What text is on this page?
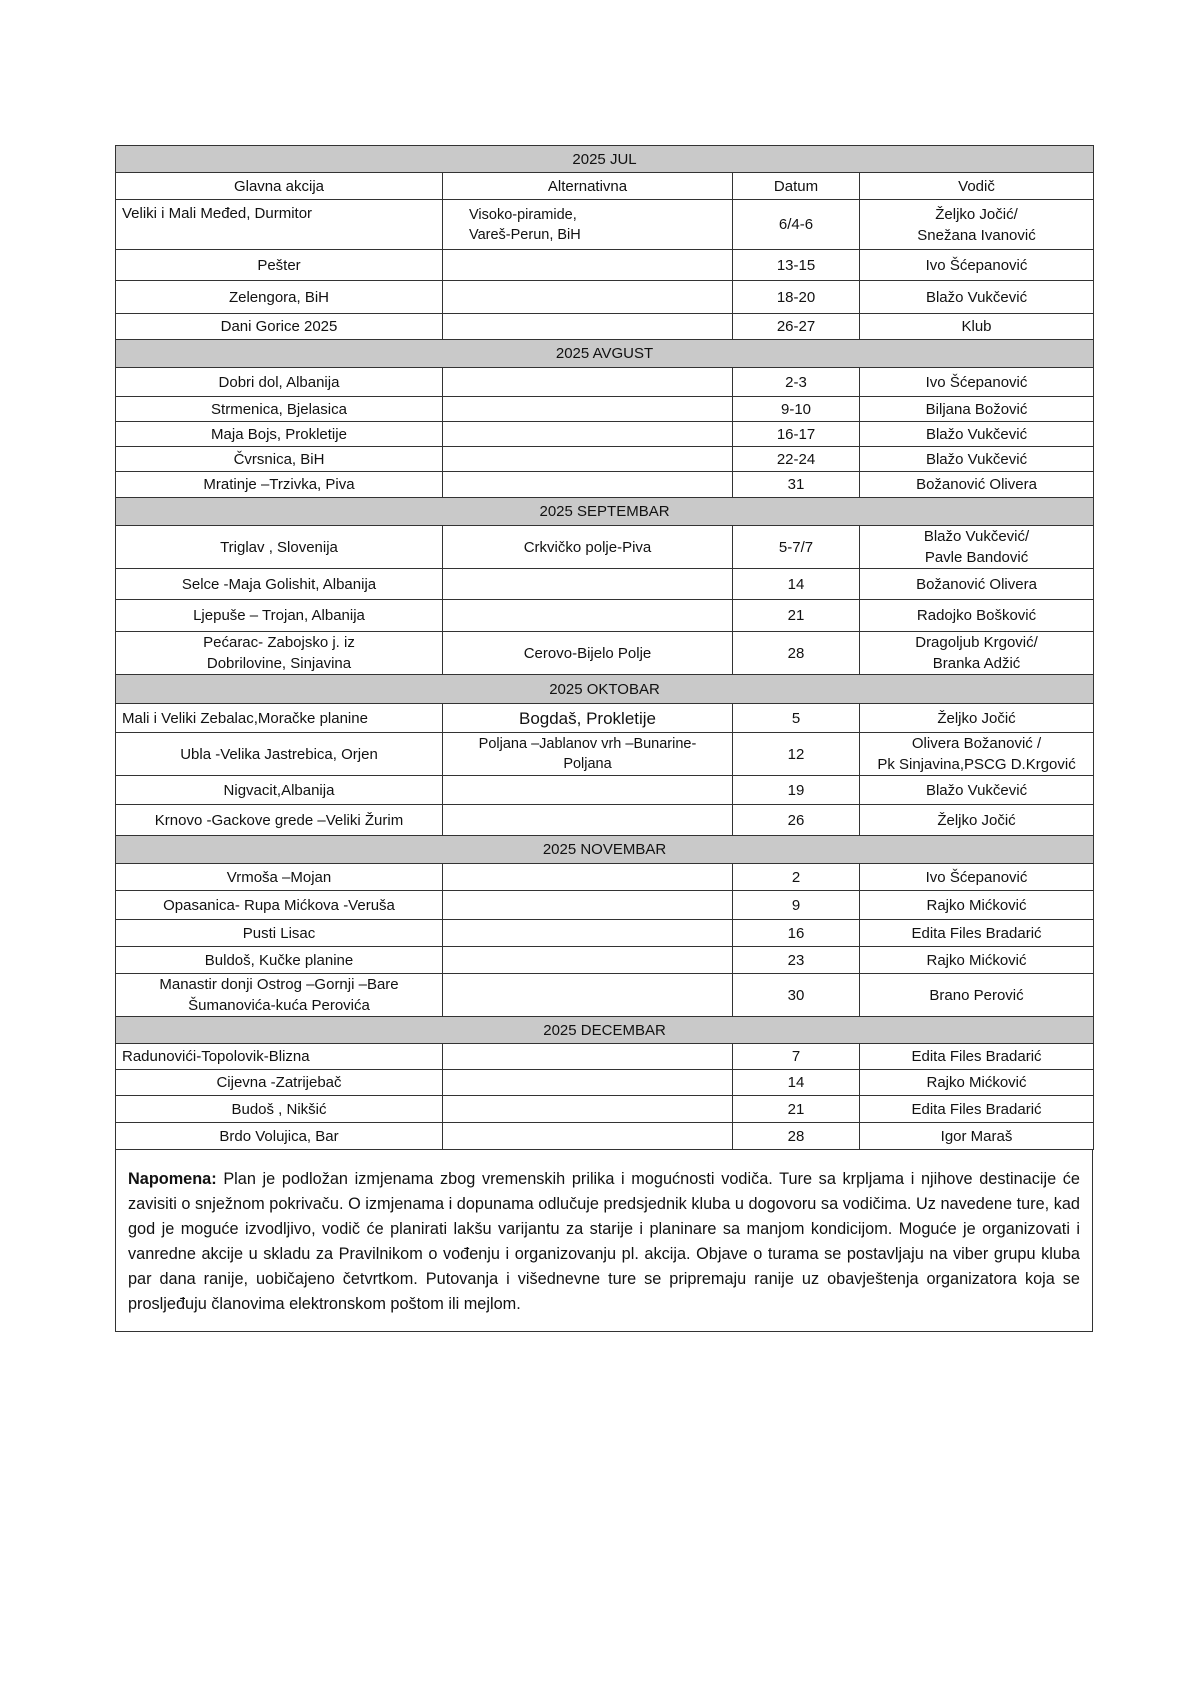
2025 JUL			
Glavna akcija	Alternativna	Datum	Vodič

Veliki i Mali Međed, Durmitor	Visoko-piramide,
Vareš-Perun, BiH	6/4-6	Željko Jočić/
Snežana Ivanović

Pešter		13-15	Ivo Šćepanović

Zelengora, BiH		18-20	Blažo Vukčević

Dani Gorice 2025		26-27	Klub

2025 AVGUST			

Dobri dol, Albanija		2-3	Ivo Šćepanović

Strmenica, Bjelasica		9-10	Biljana Božović

Maja Bojs, Prokletije		16-17	Blažo Vukčević

Čvrsnica, BiH		22-24	Blažo Vukčević

Mratinje –Trzivka, Piva		31	Božanović Olivera

2025 SEPTEMBAR			

Triglav , Slovenija	Crkvičko polje-Piva	5-7/7	Blažo Vukčević/
Pavle Bandović

Selce -Maja Golishit, Albanija		14	Božanović Olivera

Ljepuše – Trojan, Albanija		21	Radojko Bošković

Pećarac- Zabojsko j. iz
Dobrilovine, Sinjavina	Cerovo-Bijelo Polje	28	Dragoljub Krgović/
Branka Adžić

2025 OKTOBAR			

Mali i Veliki Zebalac,Moračke planine	Bogdaš, Prokletije	5	Željko Jočić

Ubla -Velika Jastrebica, Orjen	Poljana –Jablanov vrh –Bunarine-
Poljana	12	Olivera Božanović /
Pk Sinjavina,PSCG D.Krgović

Nigvacit,Albanija		19	Blažo Vukčević

Krnovo -Gackove grede –Veliki Žurim		26	Željko Jočić

2025 NOVEMBAR			

Vrmoša –Mojan		2	Ivo Šćepanović

Opasanica- Rupa Mićkova -Veruša		9	Rajko Mićković

Pusti Lisac		16	Edita Files Bradarić

Buldoš, Kučke planine		23	Rajko Mićković

Manastir donji Ostrog –Gornji –Bare
Šumanovića-kuća Perovića		30	Brano Perović

2025 DECEMBAR			

Radunovići-Topolovik-Blizna		7	Edita Files Bradarić

Cijevna -Zatrijebač		14	Rajko Mićković

Budoš , Nikšić		21	Edita Files Bradarić

Brdo Volujica, Bar		28	Igor Maraš
Napomena: Plan je podložan izmjenama zbog vremenskih prilika i mogućnosti vodiča. Ture sa krpljama i njihove destinacije će zavisiti o snježnom pokrivaču. O izmjenama i dopunama odlučuje predsjednik kluba u dogovoru sa vodičima. Uz navedene ture, kad god je moguće izvodljivo, vodič će planirati lakšu varijantu za starije i planinare sa manjom kondicijom. Moguće je organizovati i vanredne akcije u skladu za Pravilnikom o vođenju i organizovanju pl. akcija. Objave o turama se postavljaju na viber grupu kluba par dana ranije, uobičajeno četvrtkom. Putovanja i višednevne ture se pripremaju ranije uz obavještenja organizatora koja se prosljeđuju članovima elektronskom poštom ili mejlom.
